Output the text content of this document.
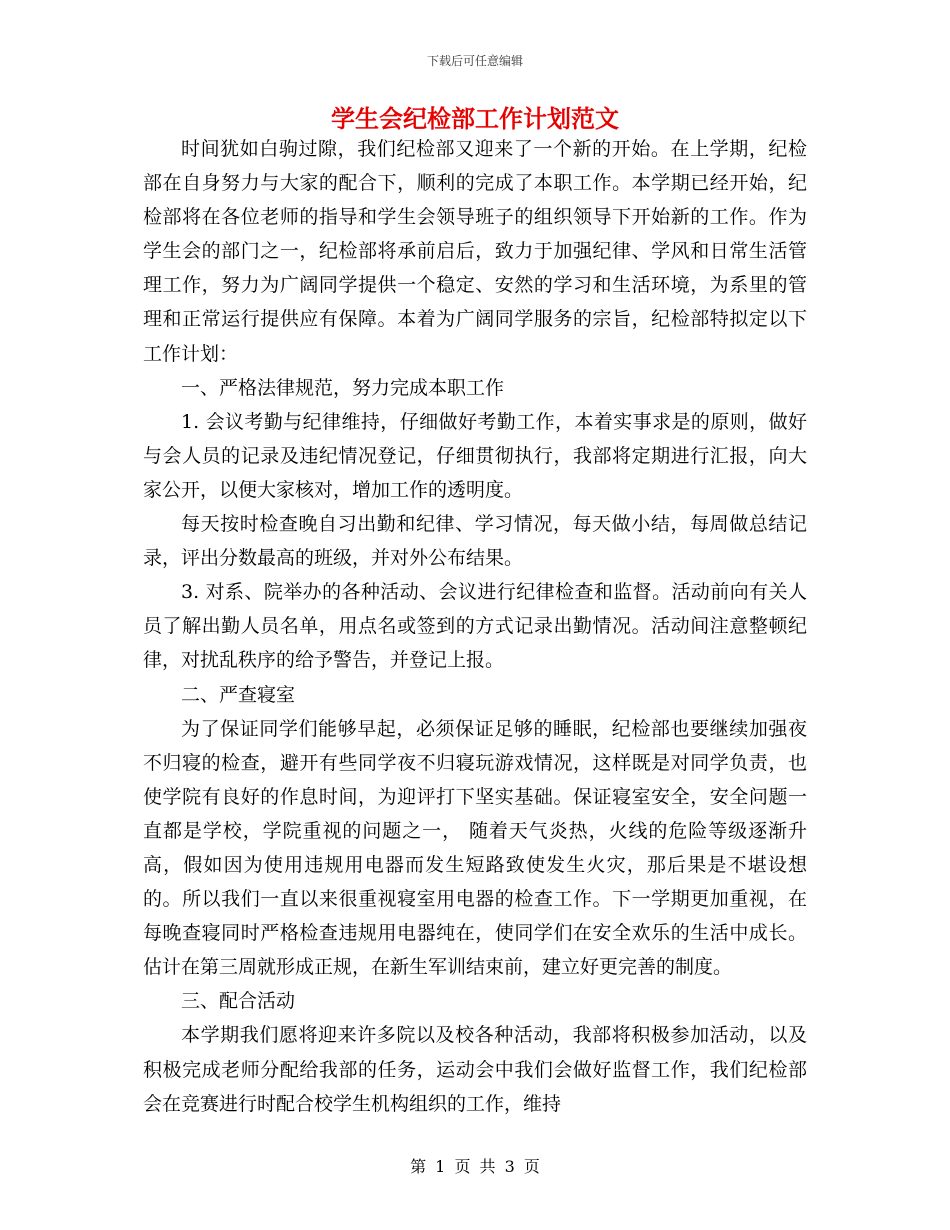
下载后可任意编辑
学生会纪检部工作计划范文

时间犹如白驹过隙，我们纪检部又迎来了一个新的开始。在上学期，纪检部在自身努力与大家的配合下，顺利的完成了本职工作。本学期已经开始，纪检部将在各位老师的指导和学生会领导班子的组织领导下开始新的工作。作为学生会的部门之一，纪检部将承前启后，致力于加强纪律、学风和日常生活管理工作，努力为广阔同学提供一个稳定、安然的学习和生活环境，为系里的管理和正常运行提供应有保障。本着为广阔同学服务的宗旨，纪检部特拟定以下工作计划：

一、严格法律规范，努力完成本职工作

1. 会议考勤与纪律维持，仔细做好考勤工作，本着实事求是的原则，做好与会人员的记录及违纪情况登记，仔细贯彻执行，我部将定期进行汇报，向大家公开，以便大家核对，增加工作的透明度。

每天按时检查晚自习出勤和纪律、学习情况，每天做小结，每周做总结记录，评出分数最高的班级，并对外公布结果。

3. 对系、院举办的各种活动、会议进行纪律检查和监督。活动前向有关人员了解出勤人员名单，用点名或签到的方式记录出勤情况。活动间注意整顿纪律，对扰乱秩序的给予警告，并登记上报。

二、严查寝室

为了保证同学们能够早起，必须保证足够的睡眠，纪检部也要继续加强夜不归寝的检查，避开有些同学夜不归寝玩游戏情况，这样既是对同学负责，也使学院有良好的作息时间，为迎评打下坚实基础。保证寝室安全，安全问题一直都是学校，学院重视的问题之一， 随着天气炎热，火线的危险等级逐渐升高，假如因为使用违规用电器而发生短路致使发生火灾，那后果是不堪设想的。所以我们一直以来很重视寝室用电器的检查工作。下一学期更加重视，在每晚查寝同时严格检查违规用电器纯在，使同学们在安全欢乐的生活中成长。 估计在第三周就形成正规，在新生军训结束前，建立好更完善的制度。

三、配合活动

本学期我们愿将迎来许多院以及校各种活动，我部将积极参加活动，以及积极完成老师分配给我部的任务，运动会中我们会做好监督工作，我们纪检部会在竞赛进行时配合校学生机构组织的工作，维持

第 1 页 共 3 页
